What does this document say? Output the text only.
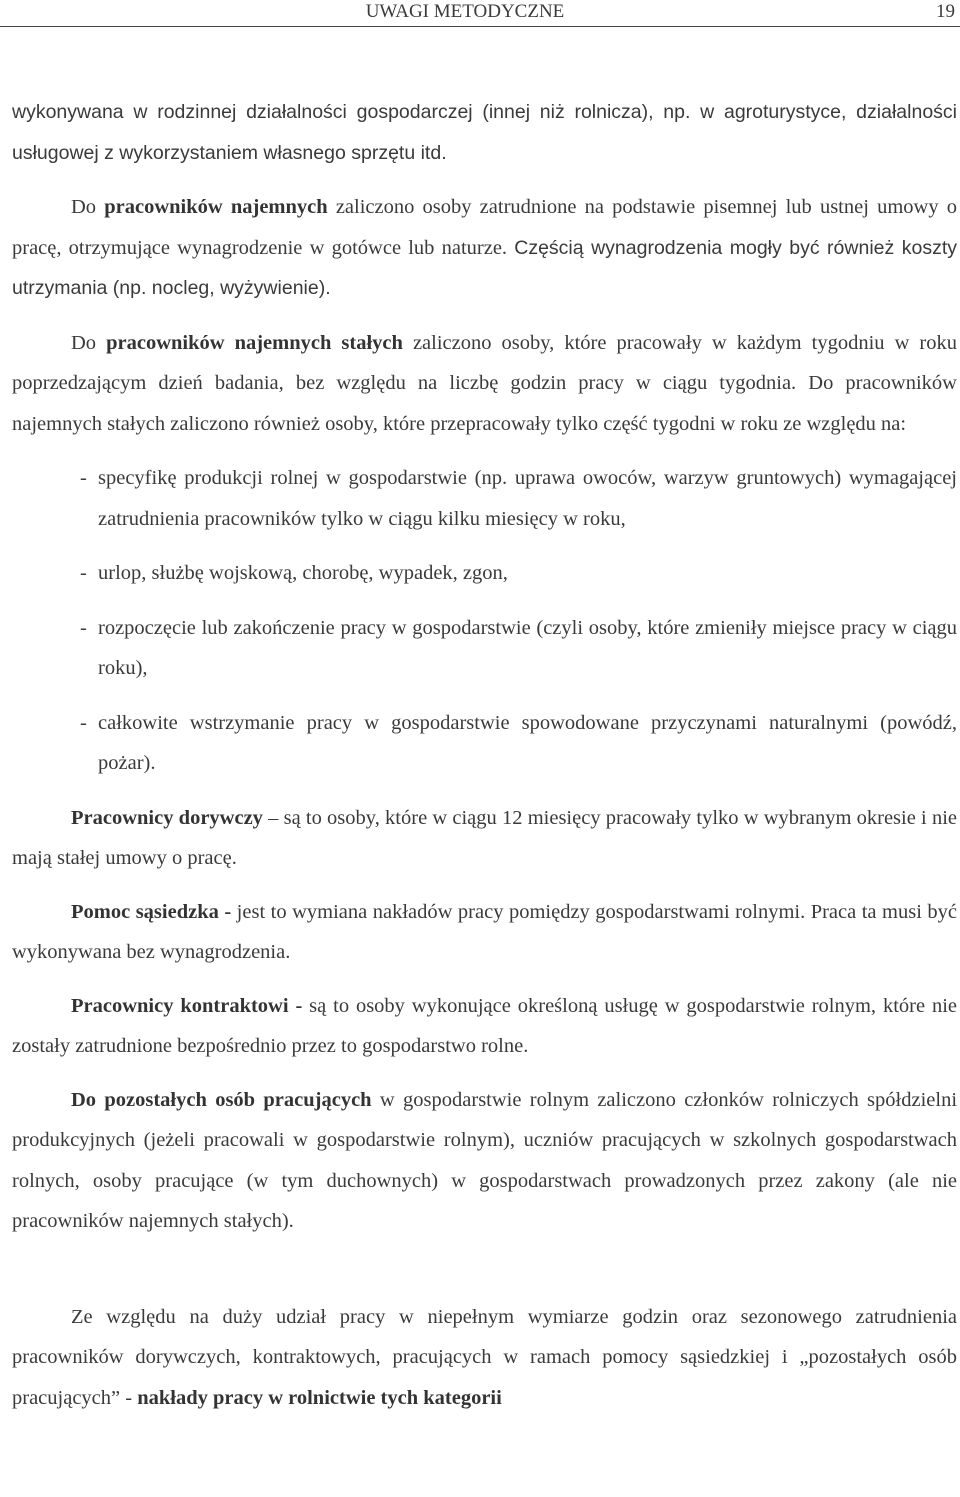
UWAGI METODYCZNE	19

wykonywana w rodzinnej działalności gospodarczej (innej niż rolnicza), np. w agroturystyce, działalności usługowej z wykorzystaniem własnego sprzętu itd.

Do pracowników najemnych zaliczono osoby zatrudnione na podstawie pisemnej lub ustnej umowy o pracę, otrzymujące wynagrodzenie w gotówce lub naturze. Częścią wynagrodzenia mogły być również koszty utrzymania (np. nocleg, wyżywienie).

Do pracowników najemnych stałych zaliczono osoby, które pracowały w każdym tygodniu w roku poprzedzającym dzień badania, bez względu na liczbę godzin pracy w ciągu tygodnia. Do pracowników najemnych stałych zaliczono również osoby, które przepracowały tylko część tygodni w roku ze względu na:

- specyfikę produkcji rolnej w gospodarstwie (np. uprawa owoców, warzyw gruntowych) wymagającej zatrudnienia pracowników tylko w ciągu kilku miesięcy w roku,
- urlop, służbę wojskową, chorobę, wypadek, zgon,
- rozpoczęcie lub zakończenie pracy w gospodarstwie (czyli osoby, które zmieniły miejsce pracy w ciągu roku),
- całkowite wstrzymanie pracy w gospodarstwie spowodowane przyczynami naturalnymi (powódź, pożar).

Pracownicy dorywczy – są to osoby, które w ciągu 12 miesięcy pracowały tylko w wybranym okresie i nie mają stałej umowy o pracę.

Pomoc sąsiedzka - jest to wymiana nakładów pracy pomiędzy gospodarstwami rolnymi. Praca ta musi być wykonywana bez wynagrodzenia.

Pracownicy kontraktowi - są to osoby wykonujące określoną usługę w gospodarstwie rolnym, które nie zostały zatrudnione bezpośrednio przez to gospodarstwo rolne.

Do pozostałych osób pracujących w gospodarstwie rolnym zaliczono członków rolniczych spółdzielni produkcyjnych (jeżeli pracowali w gospodarstwie rolnym), uczniów pracujących w szkolnych gospodarstwach rolnych, osoby pracujące (w tym duchownych) w gospodarstwach prowadzonych przez zakony (ale nie pracowników najemnych stałych).

Ze względu na duży udział pracy w niepełnym wymiarze godzin oraz sezonowego zatrudnienia pracowników dorywczych, kontraktowych, pracujących w ramach pomocy sąsiedzkiej i „pozostałych osób pracujących” - nakłady pracy w rolnictwie tych kategorii
